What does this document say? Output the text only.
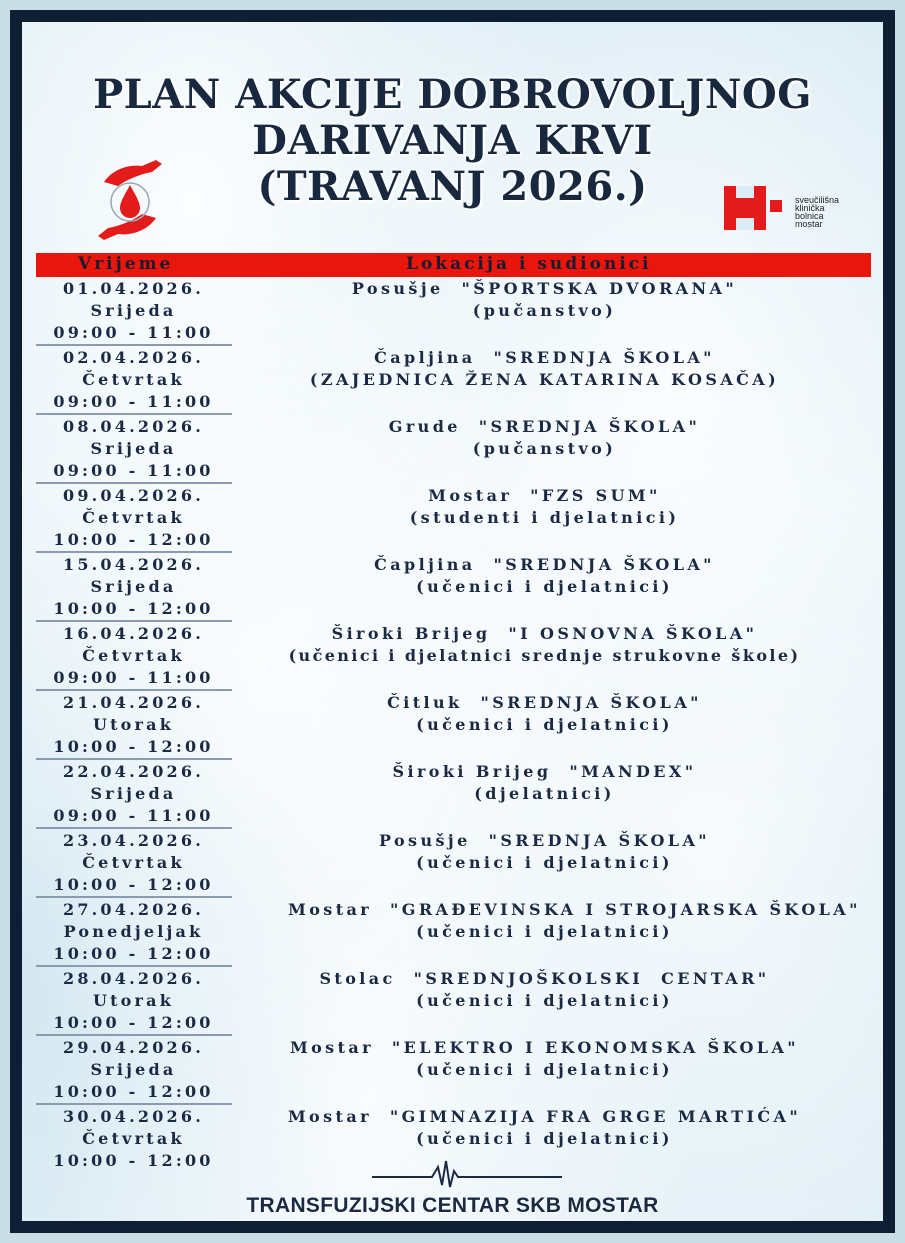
PLAN AKCIJE DOBROVOLJNOG
DARIVANJA KRVI
(TRAVANJ 2026.)	sveučilišna
klinička
bolnica
mostar
Vrijeme	Lokacija i sudionici
01.04.2026.
Srijeda
09:00 - 11:00
Posušje  "ŠPORTSKA DVORANA"
(pučanstvo)
02.04.2026.
Četvrtak
09:00 - 11:00
Čapljina  "SREDNJA ŠKOLA"
(ZAJEDNICA ŽENA KATARINA KOSAČA)
08.04.2026.
Srijeda
09:00 - 11:00
Grude  "SREDNJA ŠKOLA"
(pučanstvo)
09.04.2026.
Četvrtak
10:00 - 12:00
Mostar  "FZS SUM"
(studenti i djelatnici)
15.04.2026.
Srijeda
10:00 - 12:00
Čapljina  "SREDNJA ŠKOLA"
(učenici i djelatnici)
16.04.2026.
Četvrtak
09:00 - 11:00
Široki Brijeg  "I OSNOVNA ŠKOLA"
(učenici i djelatnici srednje strukovne škole)
21.04.2026.
Utorak
10:00 - 12:00
Čitluk  "SREDNJA ŠKOLA"
(učenici i djelatnici)
22.04.2026.
Srijeda
09:00 - 11:00
Široki Brijeg  "MANDEX"
(djelatnici)
23.04.2026.
Četvrtak
10:00 - 12:00
Posušje  "SREDNJA ŠKOLA"
(učenici i djelatnici)
27.04.2026.
Ponedjeljak
10:00 - 12:00
Mostar  "GRAĐEVINSKA I STROJARSKA ŠKOLA"
(učenici i djelatnici)
28.04.2026.
Utorak
10:00 - 12:00
Stolac  "SREDNJOŠKOLSKI  CENTAR"
(učenici i djelatnici)
29.04.2026.
Srijeda
10:00 - 12:00
Mostar  "ELEKTRO I EKONOMSKA ŠKOLA"
(učenici i djelatnici)
30.04.2026.
Četvrtak
10:00 - 12:00
Mostar  "GIMNAZIJA FRA GRGE MARTIĆA"
(učenici i djelatnici)
TRANSFUZIJSKI CENTAR SKB MOSTAR
